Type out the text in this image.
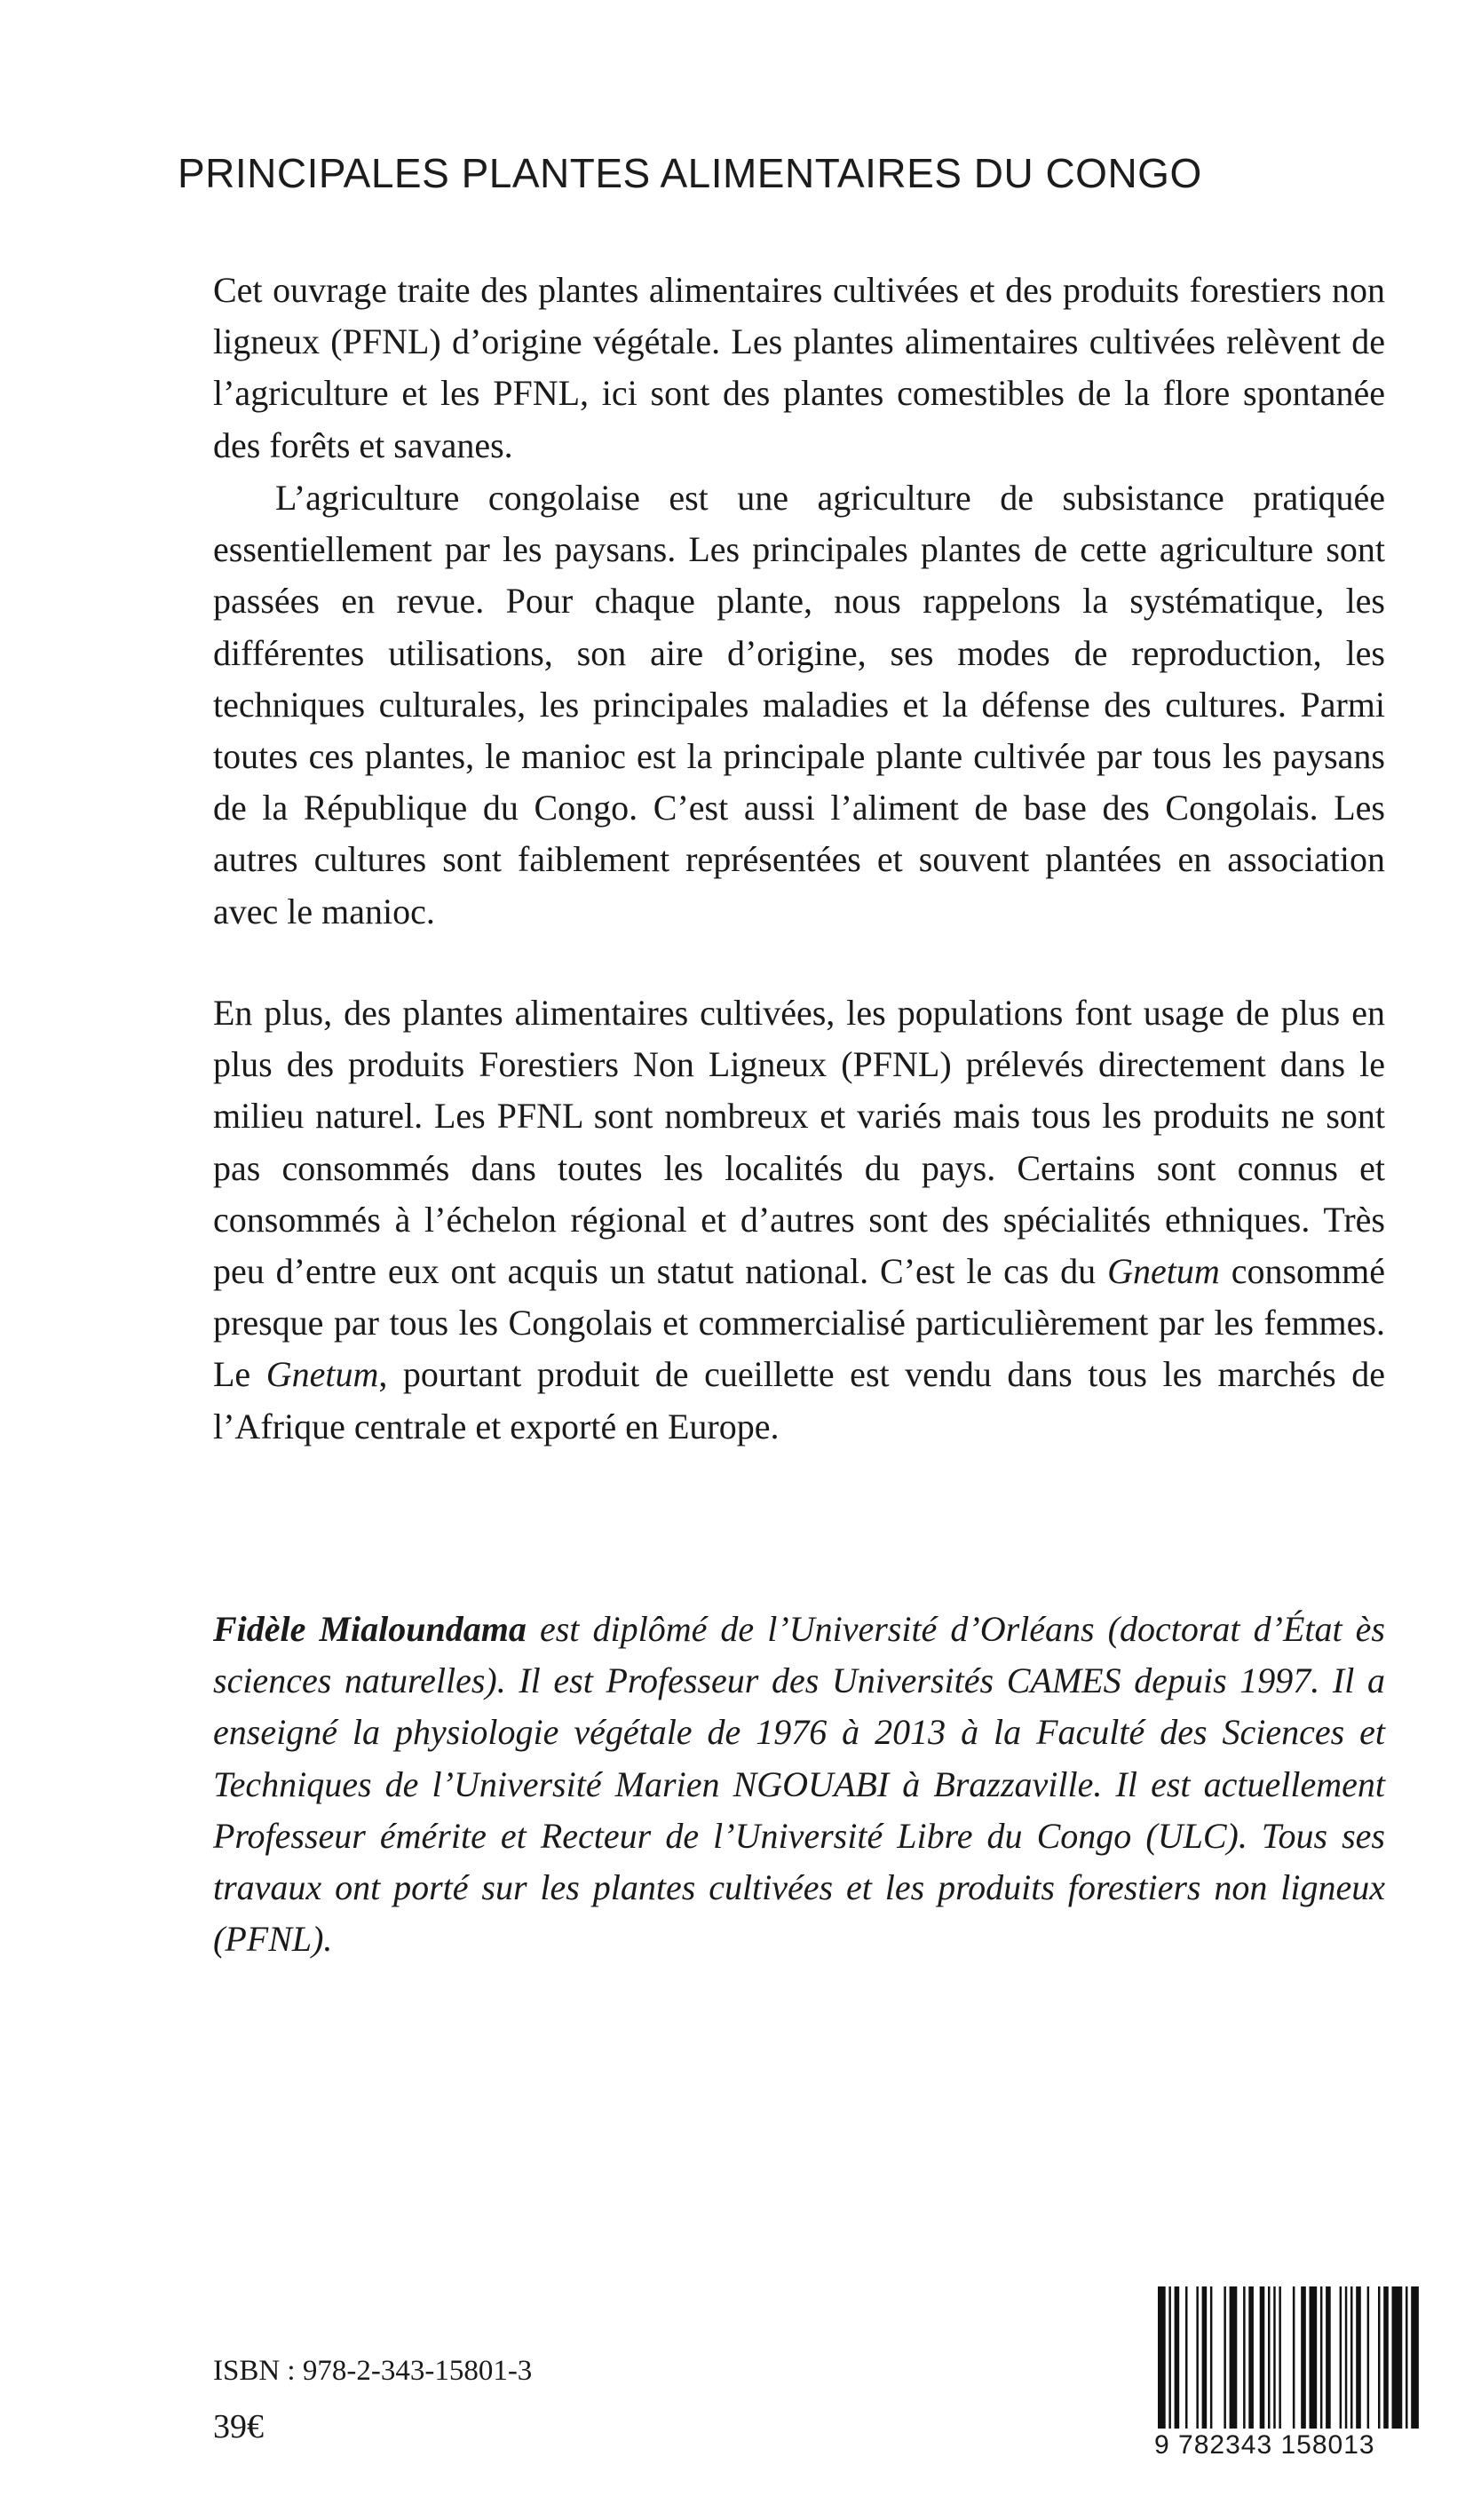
PRINCIPALES PLANTES ALIMENTAIRES DU CONGO

Cet ouvrage traite des plantes alimentaires cultivées et des produits forestiers non ligneux (PFNL) d’origine végétale. Les plantes alimentaires cultivées relèvent de l’agriculture et les PFNL, ici sont des plantes comestibles de la flore spontanée des forêts et savanes.

L’agriculture congolaise est une agriculture de subsistance pratiquée essentiellement par les paysans. Les principales plantes de cette agriculture sont passées en revue. Pour chaque plante, nous rappelons la systématique, les différentes utilisations, son aire d’origine, ses modes de reproduction, les techniques culturales, les principales maladies et la défense des cultures. Parmi toutes ces plantes, le manioc est la principale plante cultivée par tous les paysans de la République du Congo. C’est aussi l’aliment de base des Congolais. Les autres cultures sont faiblement représentées et souvent plantées en association avec le manioc.

En plus, des plantes alimentaires cultivées, les populations font usage de plus en plus des produits Forestiers Non Ligneux (PFNL) prélevés directement dans le milieu naturel. Les PFNL sont nombreux et variés mais tous les produits ne sont pas consommés dans toutes les localités du pays. Certains sont connus et consommés à l’échelon régional et d’autres sont des spécialités ethniques. Très peu d’entre eux ont acquis un statut national. C’est le cas du Gnetum consommé presque par tous les Congolais et commercialisé particulièrement par les femmes. Le Gnetum, pourtant produit de cueillette est vendu dans tous les marchés de l’Afrique centrale et exporté en Europe.

Fidèle Mialoundama est diplômé de l’Université d’Orléans (doctorat d’État ès sciences naturelles). Il est Professeur des Universités CAMES depuis 1997. Il a enseigné la physiologie végétale de 1976 à 2013 à la Faculté des Sciences et Techniques de l’Université Marien NGOUABI à Brazzaville. Il est actuellement Professeur émérite et Recteur de l’Université Libre du Congo (ULC). Tous ses travaux ont porté sur les plantes cultivées et les produits forestiers non ligneux (PFNL).

ISBN : 978-2-343-15801-3
39€	9 782343 158013
